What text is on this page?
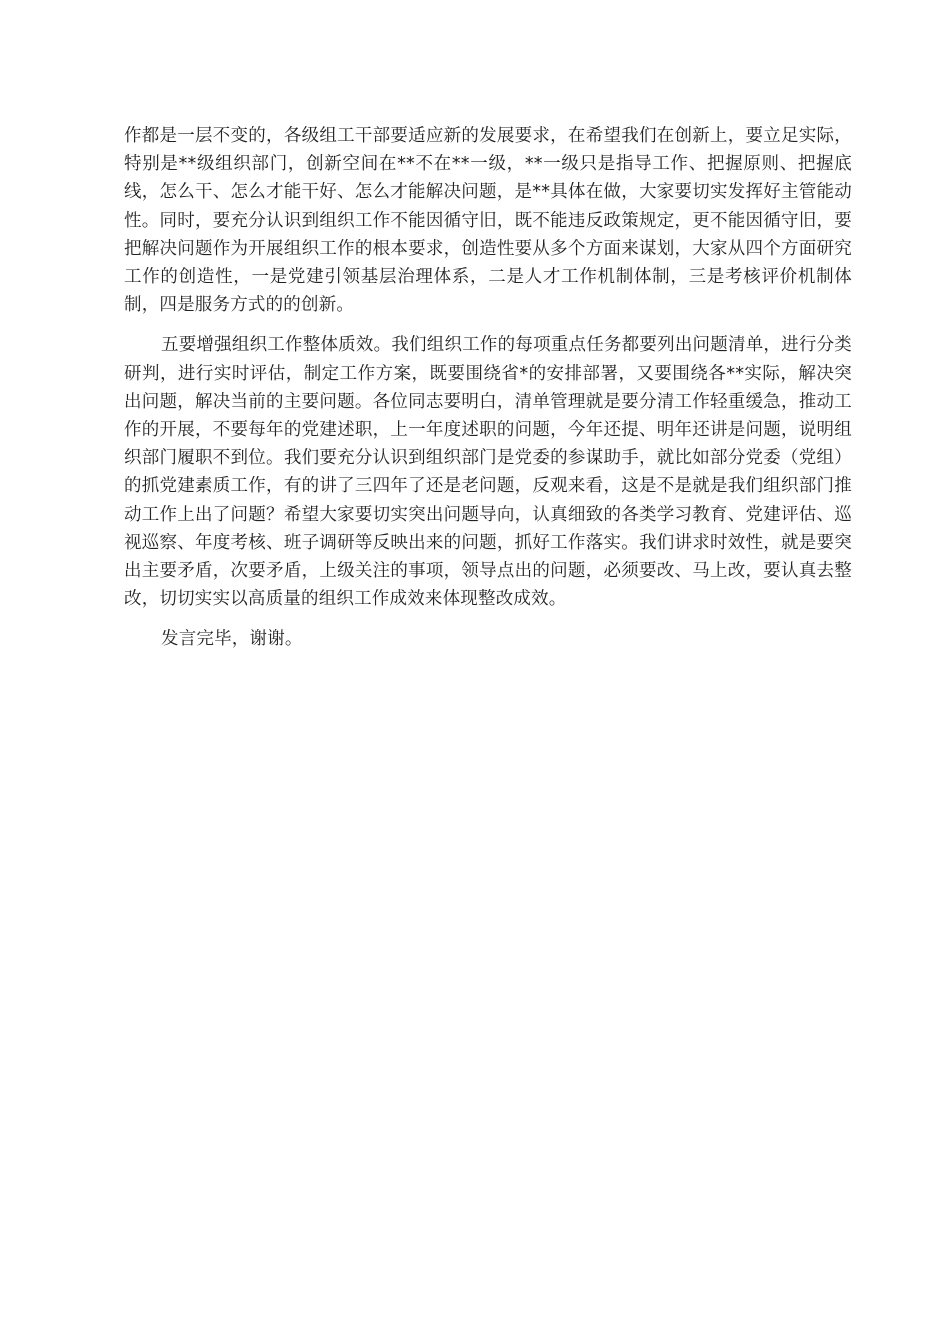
作都是一层不变的，各级组工干部要适应新的发展要求，在希望我们在创新上，要立足实际，特别是**级组织部门，创新空间在**不在**一级，**一级只是指导工作、把握原则、把握底线，怎么干、怎么才能干好、怎么才能解决问题，是**具体在做，大家要切实发挥好主管能动性。同时，要充分认识到组织工作不能因循守旧，既不能违反政策规定，更不能因循守旧，要把解决问题作为开展组织工作的根本要求，创造性要从多个方面来谋划，大家从四个方面研究工作的创造性，一是党建引领基层治理体系，二是人才工作机制体制，三是考核评价机制体制，四是服务方式的的创新。

五要增强组织工作整体质效。我们组织工作的每项重点任务都要列出问题清单，进行分类研判，进行实时评估，制定工作方案，既要围绕省*的安排部署，又要围绕各**实际，解决突出问题，解决当前的主要问题。各位同志要明白，清单管理就是要分清工作轻重缓急，推动工作的开展，不要每年的党建述职，上一年度述职的问题，今年还提、明年还讲是问题，说明组织部门履职不到位。我们要充分认识到组织部门是党委的参谋助手，就比如部分党委（党组）的抓党建素质工作，有的讲了三四年了还是老问题，反观来看，这是不是就是我们组织部门推动工作上出了问题？希望大家要切实突出问题导向，认真细致的各类学习教育、党建评估、巡视巡察、年度考核、班子调研等反映出来的问题，抓好工作落实。我们讲求时效性，就是要突出主要矛盾，次要矛盾，上级关注的事项，领导点出的问题，必须要改、马上改，要认真去整改，切切实实以高质量的组织工作成效来体现整改成效。

发言完毕，谢谢。
